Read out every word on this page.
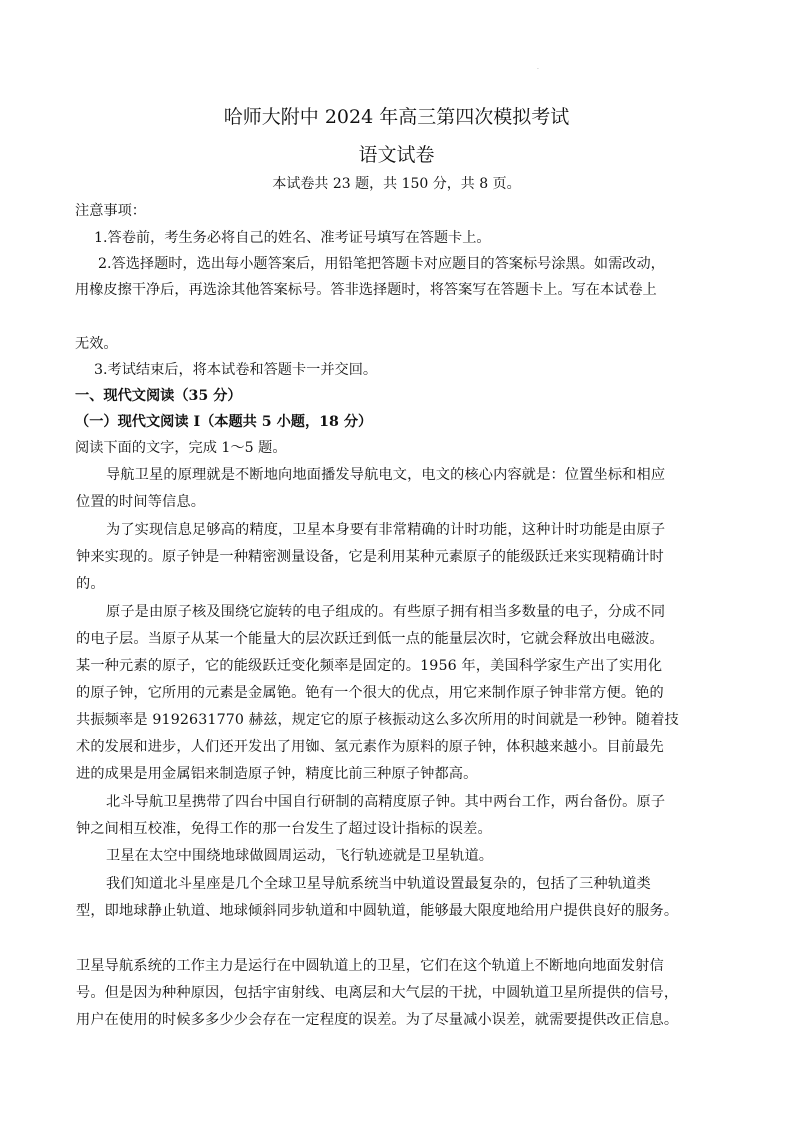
·
哈师大附中 2024 年高三第四次模拟考试
语文试卷
本试卷共 23 题，共 150 分，共 8 页。
注意事项：
1.答卷前，考生务必将自己的姓名、准考证号填写在答题卡上。
2.答选择题时，选出每小题答案后，用铅笔把答题卡对应题目的答案标号涂黑。如需改动，
用橡皮擦干净后，再选涂其他答案标号。答非选择题时，将答案写在答题卡上。写在本试卷上
无效。
3.考试结束后，将本试卷和答题卡一并交回。
一、现代文阅读（35 分）
（一）现代文阅读 I（本题共 5 小题，18 分）
阅读下面的文字，完成 1～5 题。
导航卫星的原理就是不断地向地面播发导航电文，电文的核心内容就是：位置坐标和相应
位置的时间等信息。
为了实现信息足够高的精度，卫星本身要有非常精确的计时功能，这种计时功能是由原子
钟来实现的。原子钟是一种精密测量设备，它是利用某种元素原子的能级跃迁来实现精确计时
的。
原子是由原子核及围绕它旋转的电子组成的。有些原子拥有相当多数量的电子，分成不同
的电子层。当原子从某一个能量大的层次跃迁到低一点的能量层次时，它就会释放出电磁波。
某一种元素的原子，它的能级跃迁变化频率是固定的。1956 年，美国科学家生产出了实用化
的原子钟，它所用的元素是金属铯。铯有一个很大的优点，用它来制作原子钟非常方便。铯的
共振频率是 9192631770 赫兹，规定它的原子核振动这么多次所用的时间就是一秒钟。随着技
术的发展和进步，人们还开发出了用铷、氢元素作为原料的原子钟，体积越来越小。目前最先
进的成果是用金属铝来制造原子钟，精度比前三种原子钟都高。
北斗导航卫星携带了四台中国自行研制的高精度原子钟。其中两台工作，两台备份。原子
钟之间相互校准，免得工作的那一台发生了超过设计指标的误差。
卫星在太空中围绕地球做圆周运动，飞行轨迹就是卫星轨道。
我们知道北斗星座是几个全球卫星导航系统当中轨道设置最复杂的，包括了三种轨道类
型，即地球静止轨道、地球倾斜同步轨道和中圆轨道，能够最大限度地给用户提供良好的服务。
卫星导航系统的工作主力是运行在中圆轨道上的卫星，它们在这个轨道上不断地向地面发射信
号。但是因为种种原因，包括宇宙射线、电离层和大气层的干扰，中圆轨道卫星所提供的信号，
用户在使用的时候多多少少会存在一定程度的误差。为了尽量减小误差，就需要提供改正信息。
